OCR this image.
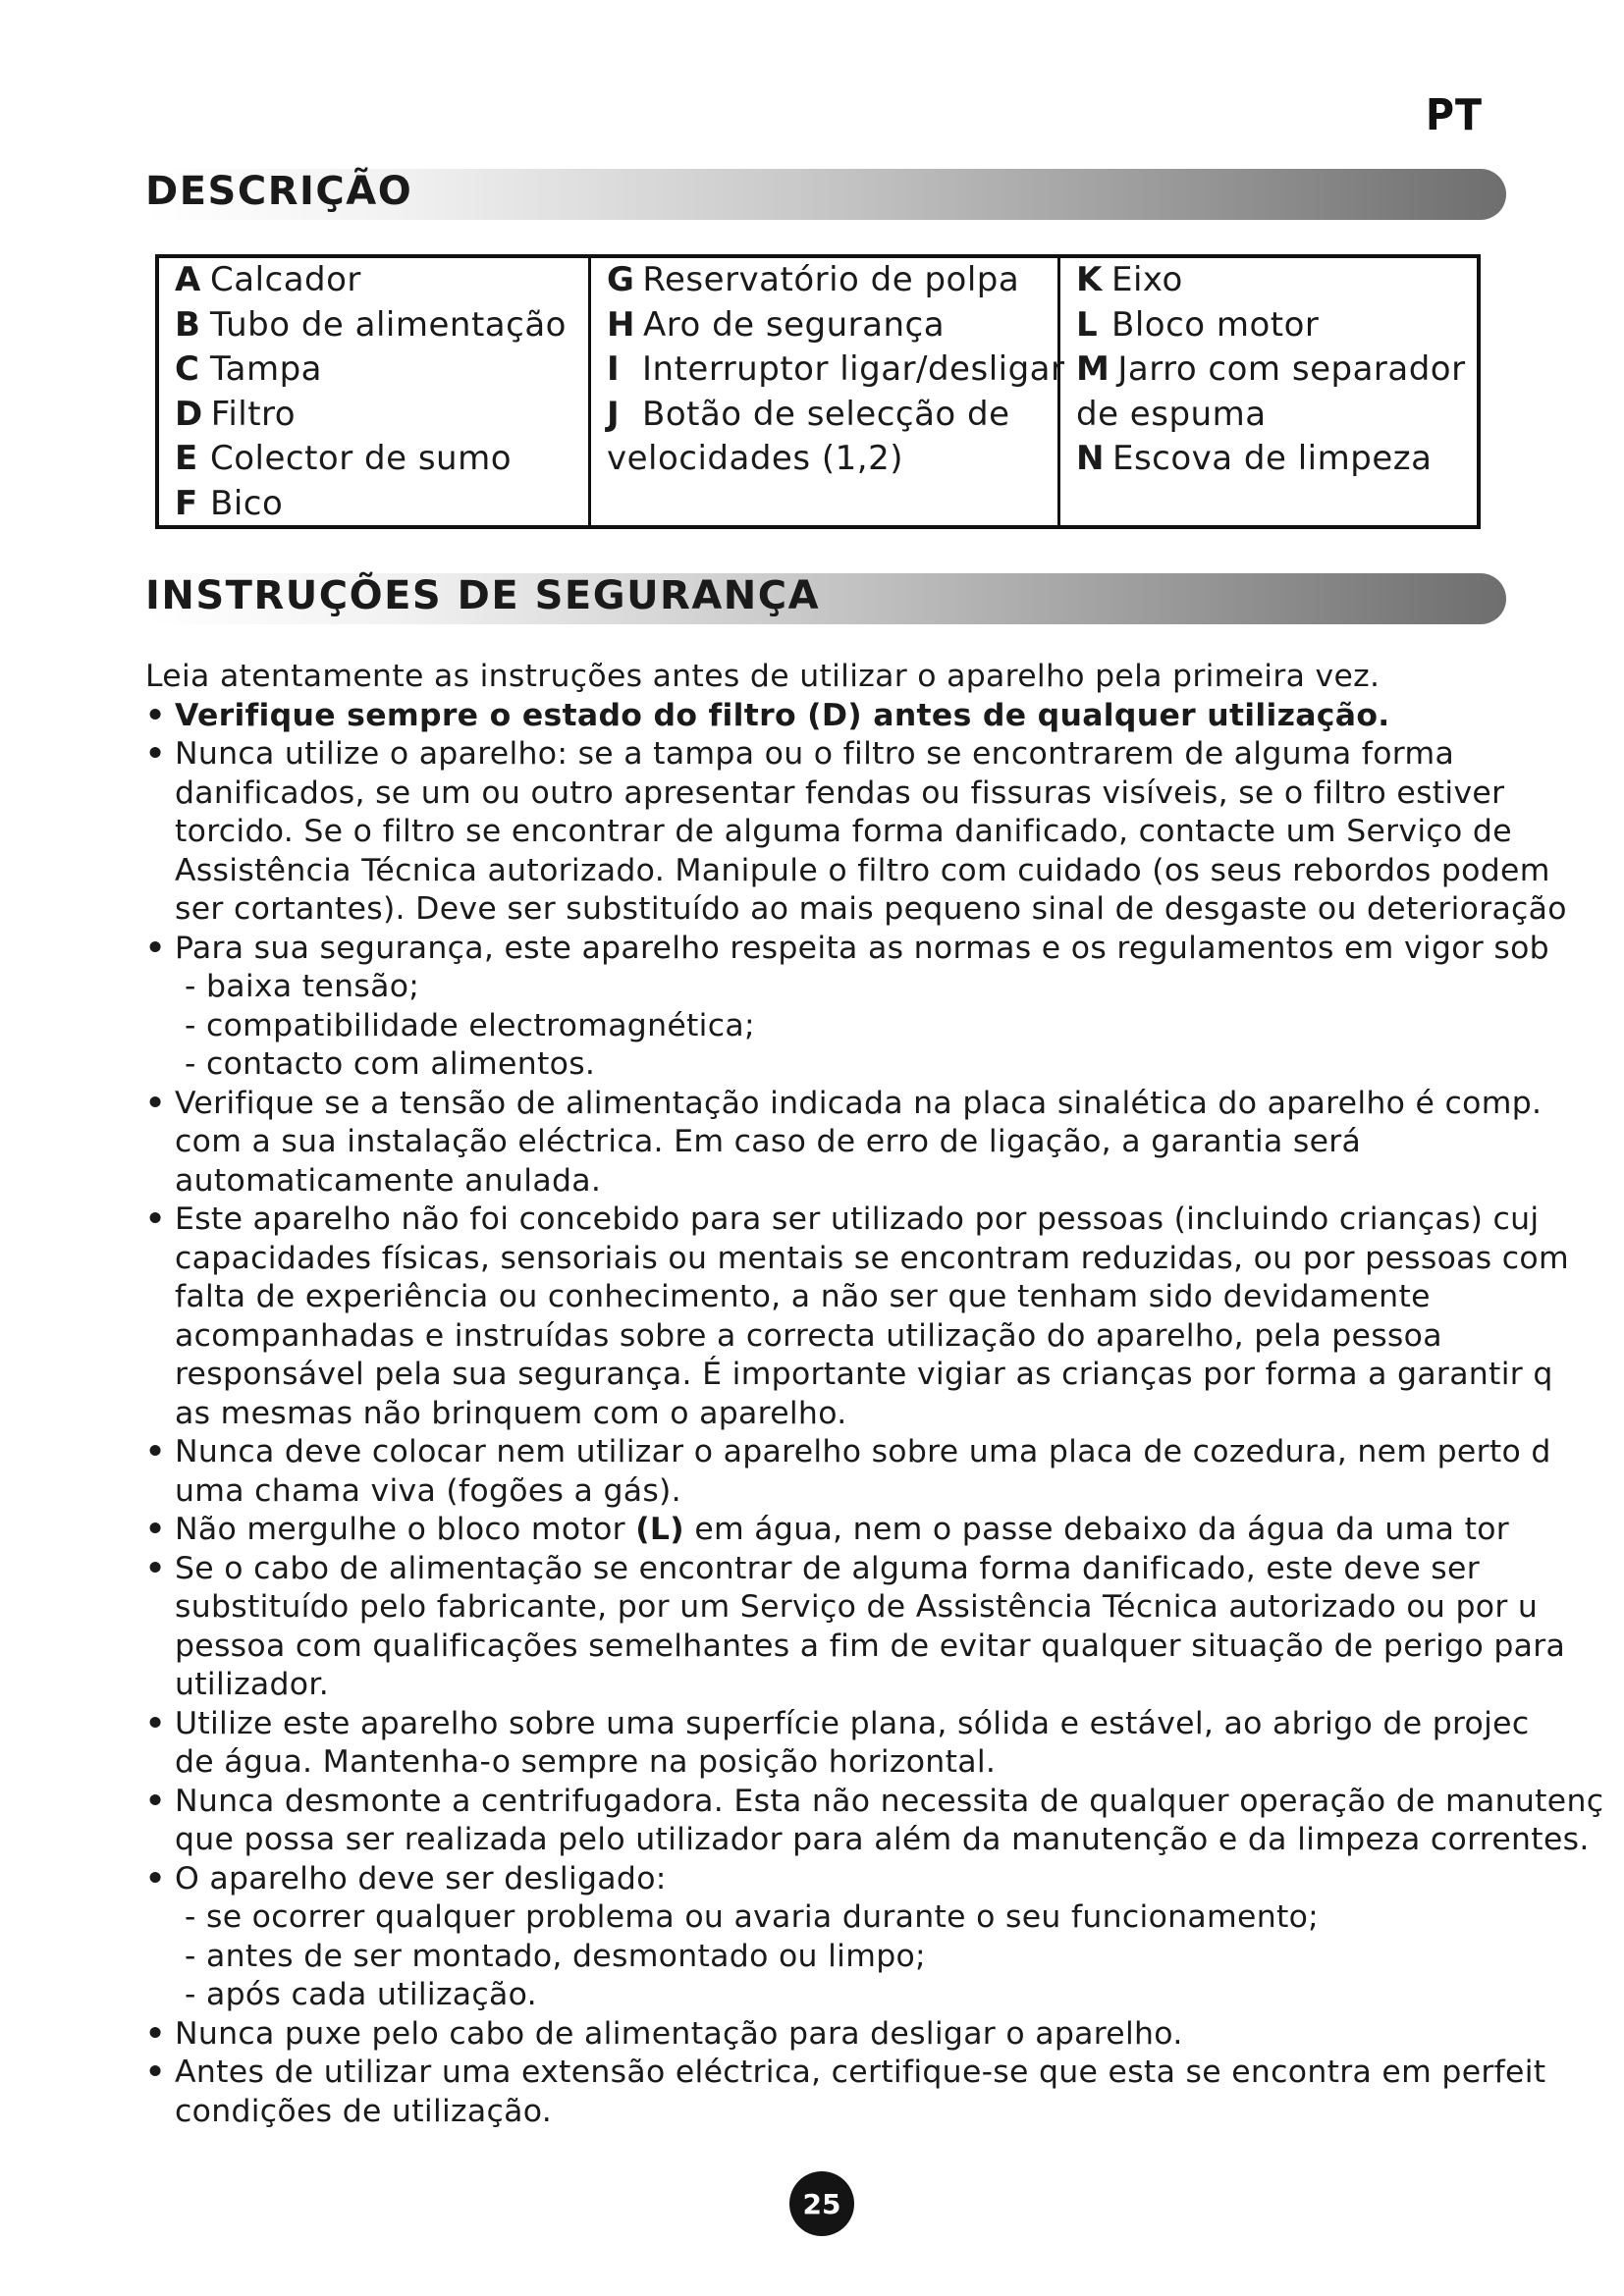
PT
DESCRIÇÃO
A Calcador
B Tubo de alimentação
C Tampa
D Filtro
E Colector de sumo
F Bico
G Reservatório de polpa
H Aro de segurança
I Interruptor ligar/desligar
J Botão de selecção de
velocidades (1,2)
K Eixo
L Bloco motor
M Jarro com separador
de espuma
N Escova de limpeza
INSTRUÇÕES DE SEGURANÇA
Leia atentamente as instruções antes de utilizar o aparelho pela primeira vez.
• Verifique sempre o estado do filtro (D) antes de qualquer utilização.
• Nunca utilize o aparelho: se a tampa ou o filtro se encontrarem de alguma forma
danificados, se um ou outro apresentar fendas ou fissuras visíveis, se o filtro estiver
torcido. Se o filtro se encontrar de alguma forma danificado, contacte um Serviço de
Assistência Técnica autorizado. Manipule o filtro com cuidado (os seus rebordos podem
ser cortantes). Deve ser substituído ao mais pequeno sinal de desgaste ou deterioração
• Para sua segurança, este aparelho respeita as normas e os regulamentos em vigor sob
- baixa tensão;
- compatibilidade electromagnética;
- contacto com alimentos.
• Verifique se a tensão de alimentação indicada na placa sinalética do aparelho é comp.
com a sua instalação eléctrica. Em caso de erro de ligação, a garantia será
automaticamente anulada.
• Este aparelho não foi concebido para ser utilizado por pessoas (incluindo crianças) cuj
capacidades físicas, sensoriais ou mentais se encontram reduzidas, ou por pessoas com
falta de experiência ou conhecimento, a não ser que tenham sido devidamente
acompanhadas e instruídas sobre a correcta utilização do aparelho, pela pessoa
responsável pela sua segurança. É importante vigiar as crianças por forma a garantir q
as mesmas não brinquem com o aparelho.
• Nunca deve colocar nem utilizar o aparelho sobre uma placa de cozedura, nem perto d
uma chama viva (fogões a gás).
• Não mergulhe o bloco motor (L) em água, nem o passe debaixo da água da uma tor
• Se o cabo de alimentação se encontrar de alguma forma danificado, este deve ser
substituído pelo fabricante, por um Serviço de Assistência Técnica autorizado ou por u
pessoa com qualificações semelhantes a fim de evitar qualquer situação de perigo para
utilizador.
• Utilize este aparelho sobre uma superfície plana, sólida e estável, ao abrigo de projec
de água. Mantenha-o sempre na posição horizontal.
• Nunca desmonte a centrifugadora. Esta não necessita de qualquer operação de manutenç
que possa ser realizada pelo utilizador para além da manutenção e da limpeza correntes.
• O aparelho deve ser desligado:
- se ocorrer qualquer problema ou avaria durante o seu funcionamento;
- antes de ser montado, desmontado ou limpo;
- após cada utilização.
• Nunca puxe pelo cabo de alimentação para desligar o aparelho.
• Antes de utilizar uma extensão eléctrica, certifique-se que esta se encontra em perfeit
condições de utilização.
25
